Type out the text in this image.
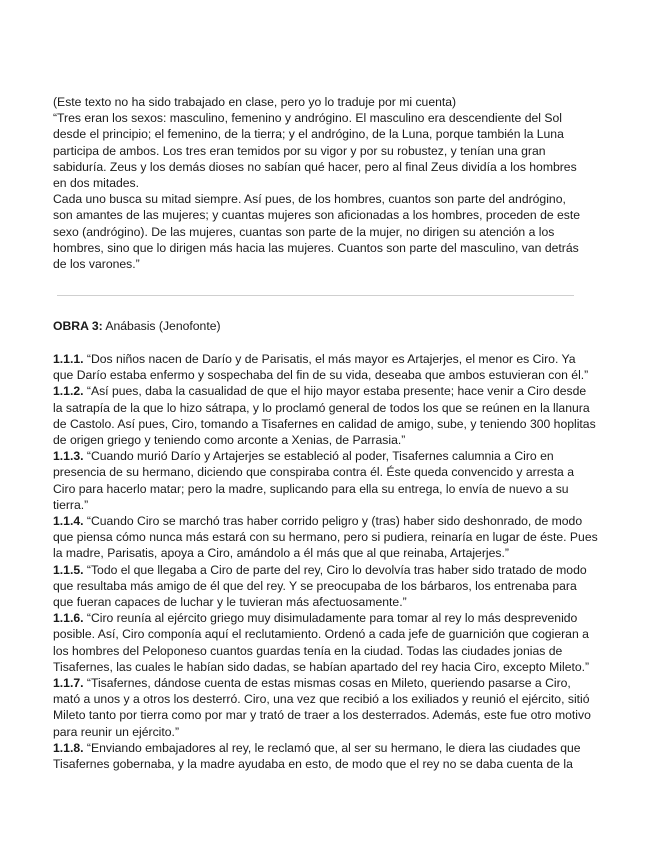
(Este texto no ha sido trabajado en clase, pero yo lo traduje por mi cuenta)

“Tres eran los sexos: masculino, femenino y andrógino. El masculino era descendiente del Sol desde el principio; el femenino, de la tierra; y el andrógino, de la Luna, porque también la Luna participa de ambos. Los tres eran temidos por su vigor y por su robustez, y tenían una gran sabiduría. Zeus y los demás dioses no sabían qué hacer, pero al final Zeus dividía a los hombres en dos mitades.

Cada uno busca su mitad siempre. Así pues, de los hombres, cuantos son parte del andrógino, son amantes de las mujeres; y cuantas mujeres son aficionadas a los hombres, proceden de este sexo (andrógino). De las mujeres, cuantas son parte de la mujer, no dirigen su atención a los hombres, sino que lo dirigen más hacia las mujeres. Cuantos son parte del masculino, van detrás de los varones.”

OBRA 3: Anábasis (Jenofonte)

1.1.1. “Dos niños nacen de Darío y de Parisatis, el más mayor es Artajerjes, el menor es Ciro. Ya que Darío estaba enfermo y sospechaba del fin de su vida, deseaba que ambos estuvieran con él.”

1.1.2. “Así pues, daba la casualidad de que el hijo mayor estaba presente; hace venir a Ciro desde la satrapía de la que lo hizo sátrapa, y lo proclamó general de todos los que se reúnen en la llanura de Castolo. Así pues, Ciro, tomando a Tisafernes en calidad de amigo, sube, y teniendo 300 hoplitas de origen griego y teniendo como arconte a Xenias, de Parrasia.”

1.1.3. “Cuando murió Darío y Artajerjes se estableció al poder, Tisafernes calumnia a Ciro en presencia de su hermano, diciendo que conspiraba contra él. Éste queda convencido y arresta a Ciro para hacerlo matar; pero la madre, suplicando para ella su entrega, lo envía de nuevo a su tierra.”

1.1.4. “Cuando Ciro se marchó tras haber corrido peligro y (tras) haber sido deshonrado, de modo que piensa cómo nunca más estará con su hermano, pero si pudiera, reinaría en lugar de éste. Pues la madre, Parisatis, apoya a Ciro, amándolo a él más que al que reinaba, Artajerjes.”

1.1.5. “Todo el que llegaba a Ciro de parte del rey, Ciro lo devolvía tras haber sido tratado de modo que resultaba más amigo de él que del rey. Y se preocupaba de los bárbaros, los entrenaba para que fueran capaces de luchar y le tuvieran más afectuosamente.”

1.1.6. “Ciro reunía al ejército griego muy disimuladamente para tomar al rey lo más desprevenido posible. Así, Ciro componía aquí el reclutamiento. Ordenó a cada jefe de guarnición que cogieran a los hombres del Peloponeso cuantos guardas tenía en la ciudad. Todas las ciudades jonias de Tisafernes, las cuales le habían sido dadas, se habían apartado del rey hacia Ciro, excepto Mileto.”

1.1.7. “Tisafernes, dándose cuenta de estas mismas cosas en Mileto, queriendo pasarse a Ciro, mató a unos y a otros los desterró. Ciro, una vez que recibió a los exiliados y reunió el ejército, sitió Mileto tanto por tierra como por mar y trató de traer a los desterrados. Además, este fue otro motivo para reunir un ejército.”

1.1.8. “Enviando embajadores al rey, le reclamó que, al ser su hermano, le diera las ciudades que Tisafernes gobernaba, y la madre ayudaba en esto, de modo que el rey no se daba cuenta de la
